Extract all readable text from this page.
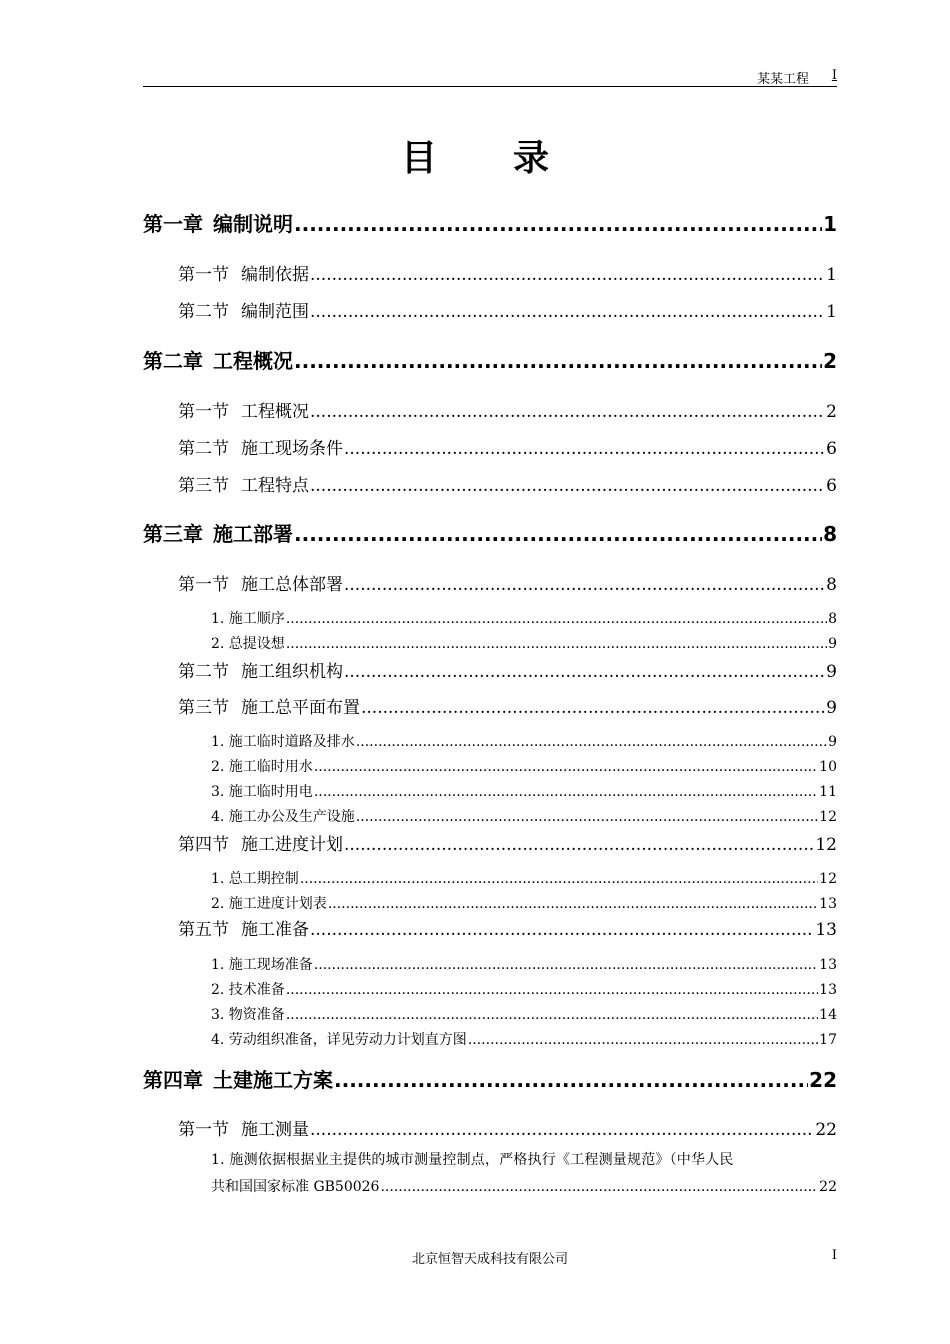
某某工程 I
目录
第一章 编制说明 .....	1
第一节 编制依据 .....	1
第二节 编制范围 .....	1
第二章 工程概况 .....	2
第一节 工程概况 .....	2
第二节 施工现场条件 .....	6
第三节 工程特点 .....	6
第三章 施工部署 .....	8
第一节 施工总体部署 .....	8
1. 施工顺序 .....	8
2. 总提设想 .....	9
第二节 施工组织机构 .....	9
第三节 施工总平面布置 .....	9
1. 施工临时道路及排水 .....	9
2. 施工临时用水 .....	10
3. 施工临时用电 .....	11
4. 施工办公及生产设施 .....	12
第四节 施工进度计划 .....	12
1. 总工期控制 .....	12
2. 施工进度计划表 .....	13
第五节 施工准备 .....	13
1. 施工现场准备 .....	13
2. 技术准备 .....	13
3. 物资准备 .....	14
4. 劳动组织准备，详见劳动力计划直方图 .....	17
第四章 土建施工方案 .....	22
第一节 施工测量 .....	22
1. 施测依据根据业主提供的城市测量控制点，严格执行《工程测量规范》（中华人民
共和国国家标准 GB50026 .....	22
北京恒智天成科技有限公司	I
